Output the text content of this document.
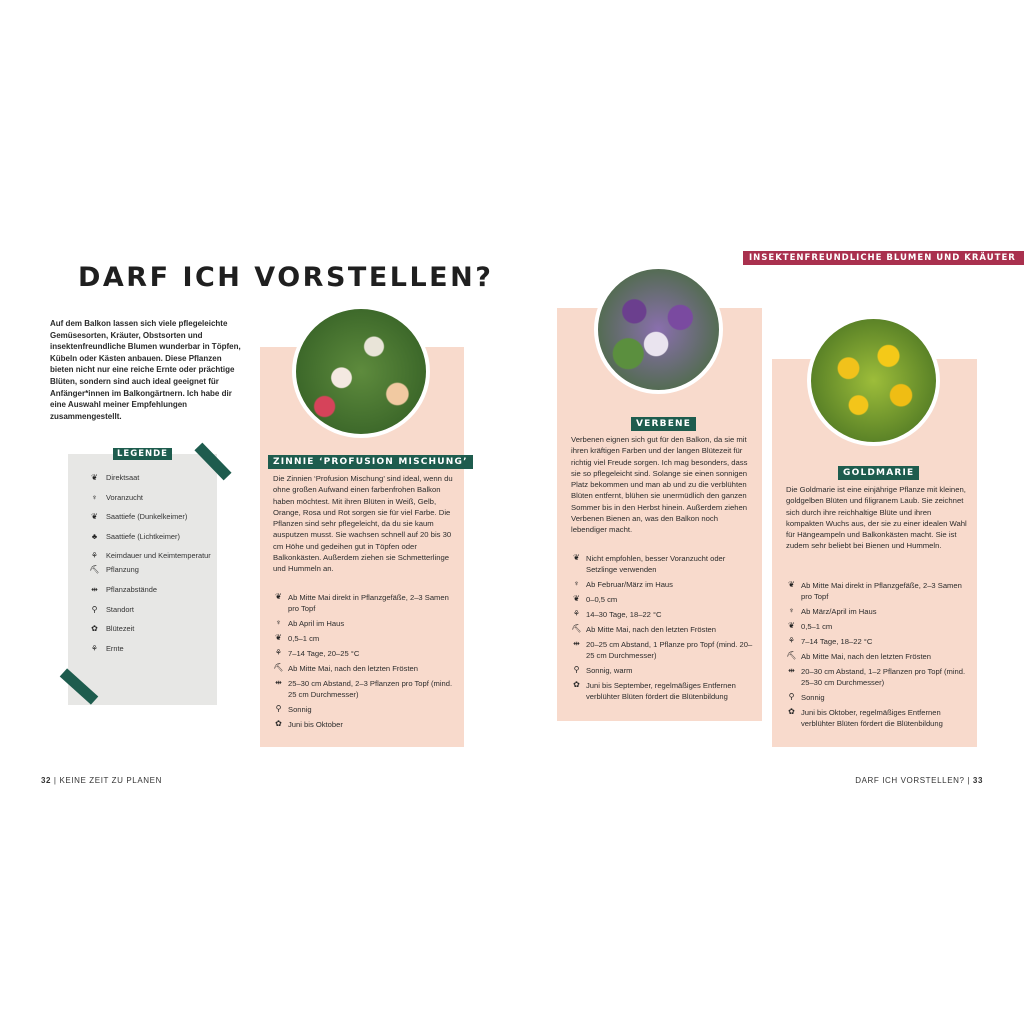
INSEKTENFREUNDLICHE BLUMEN UND KRÄUTER
DARF ICH VORSTELLEN?
Auf dem Balkon lassen sich viele pflegeleichte Gemüsesorten, Kräuter, Obstsorten und insektenfreundliche Blumen wunderbar in Töpfen, Kübeln oder Kästen anbauen. Diese Pflanzen bieten nicht nur eine reiche Ernte oder prächtige Blüten, sondern sind auch ideal geeignet für Anfänger*innen im Balkongärtnern. Ich habe dir eine Auswahl meiner Empfehlungen zusammengestellt.
LEGENDE
❦ Direktsaat
♆	Voranzucht
❦ Saattiefe (Dunkelkeimer)
♣	Saattiefe (Lichtkeimer)
⚘ Keimdauer und Keimtemperatur
⛏ Pflanzung
⇹ Pflanzabstände
⚲	Standort
✿ Blütezeit
⚘ Ernte
ZINNIE ‘PROFUSION MISCHUNG’
Die Zinnien ‘Profusion Mischung’ sind ideal, wenn du ohne großen Aufwand einen farbenfrohen Balkon haben möchtest. Mit ihren Blüten in Weiß, Gelb, Orange, Rosa und Rot sorgen sie für viel Farbe. Die Pflanzen sind sehr pflegeleicht, da du sie kaum ausputzen musst. Sie wachsen schnell auf 20 bis 30 cm Höhe und gedeihen gut in Töpfen oder Balkonkästen. Außerdem ziehen sie Schmetterlinge und Hummeln an.
❦ Ab Mitte Mai direkt in Pflanzgefäße, 2–3 Samen pro Topf
♆ Ab April im Haus
❦ 0,5–1 cm
⚘ 7–14 Tage, 20–25 °C
⛏ Ab Mitte Mai, nach den letzten Frösten
⇹ 25–30 cm Abstand, 2–3 Pflanzen pro Topf (mind. 25 cm Durchmesser)
⚲ Sonnig
✿ Juni bis Oktober
VERBENE
Verbenen eignen sich gut für den Balkon, da sie mit ihren kräftigen Farben und der langen Blütezeit für richtig viel Freude sorgen. Ich mag besonders, dass sie so pflegeleicht sind. Solange sie einen sonnigen Platz bekommen und man ab und zu die verblühten Blüten entfernt, blühen sie unermüdlich den ganzen Sommer bis in den Herbst hinein. Außerdem ziehen Verbenen Bienen an, was den Balkon noch lebendiger macht.
❦ Nicht empfohlen, besser Voranzucht oder Setzlinge verwenden
♆ Ab Februar/März im Haus
❦ 0–0,5 cm
⚘ 14–30 Tage, 18–22 °C
⛏ Ab Mitte Mai, nach den letzten Frösten
⇹ 20–25 cm Abstand, 1 Pflanze pro Topf (mind. 20–25 cm Durchmesser)
⚲ Sonnig, warm
✿ Juni bis September, regelmäßiges Entfernen verblühter Blüten fördert die Blütenbildung
GOLDMARIE
Die Goldmarie ist eine einjährige Pflanze mit kleinen, goldgelben Blüten und filigranem Laub. Sie zeichnet sich durch ihre reichhaltige Blüte und ihren kompakten Wuchs aus, der sie zu einer idealen Wahl für Hängeampeln und Balkonkästen macht. Sie ist zudem sehr beliebt bei Bienen und Hummeln.
❦ Ab Mitte Mai direkt in Pflanzgefäße, 2–3 Samen pro Topf
♆ Ab März/April im Haus
❦ 0,5–1 cm
⚘ 7–14 Tage, 18–22 °C
⛏ Ab Mitte Mai, nach den letzten Frösten
⇹ 20–30 cm Abstand, 1–2 Pflanzen pro Topf (mind. 25–30 cm Durchmesser)
⚲ Sonnig
✿ Juni bis Oktober, regelmäßiges Entfernen verblühter Blüten fördert die Blütenbildung
32 | KEINE ZEIT ZU PLANEN	DARF ICH VORSTELLEN? | 33
